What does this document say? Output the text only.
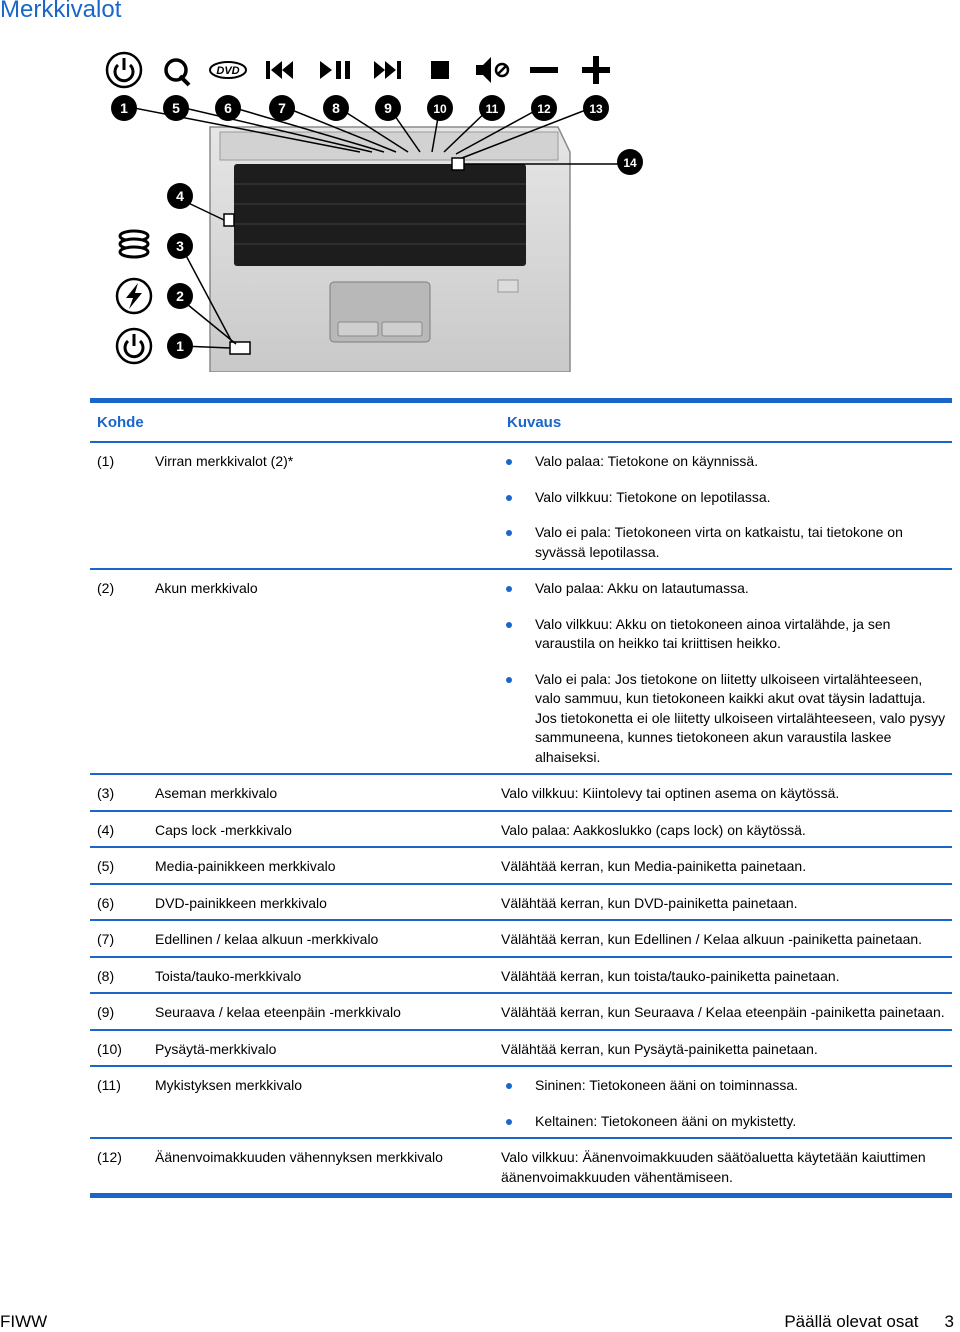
Merkkivalot
DVD
1	5	6	7	8	9	10	11	12	13
14
4
3
2
1
Kohde	Kuvaus
(1)	Virran merkkivalot (2)*	Valo palaa: Tietokone on käynnissä.
Valo vilkkuu: Tietokone on lepotilassa.
Valo ei pala: Tietokoneen virta on katkaistu, tai tietokone on syvässä lepotilassa.
(2)	Akun merkkivalo	Valo palaa: Akku on latautumassa.
Valo vilkkuu: Akku on tietokoneen ainoa virtalähde, ja sen varaustila on heikko tai kriittisen heikko.
Valo ei pala: Jos tietokone on liitetty ulkoiseen virtalähteeseen, valo sammuu, kun tietokoneen kaikki akut ovat täysin ladattuja. Jos tietokonetta ei ole liitetty ulkoiseen virtalähteeseen, valo pysyy sammuneena, kunnes tietokoneen akun varaustila laskee alhaiseksi.
(3)	Aseman merkkivalo	Valo vilkkuu: Kiintolevy tai optinen asema on käytössä.
(4)	Caps lock -merkkivalo	Valo palaa: Aakkoslukko (caps lock) on käytössä.
(5)	Media-painikkeen merkkivalo	Välähtää kerran, kun Media-painiketta painetaan.
(6)	DVD-painikkeen merkkivalo	Välähtää kerran, kun DVD-painiketta painetaan.
(7)	Edellinen / kelaa alkuun -merkkivalo	Välähtää kerran, kun Edellinen / Kelaa alkuun -painiketta painetaan.
(8)	Toista/tauko-merkkivalo	Välähtää kerran, kun toista/tauko-painiketta painetaan.
(9)	Seuraava / kelaa eteenpäin -merkkivalo	Välähtää kerran, kun Seuraava / Kelaa eteenpäin -painiketta painetaan.
(10)	Pysäytä-merkkivalo	Välähtää kerran, kun Pysäytä-painiketta painetaan.
(11)	Mykistyksen merkkivalo	Sininen: Tietokoneen ääni on toiminnassa.
Keltainen: Tietokoneen ääni on mykistetty.
(12)	Äänenvoimakkuuden vähennyksen merkkivalo	Valo vilkkuu: Äänenvoimakkuuden säätöaluetta käytetään kaiuttimen äänenvoimakkuuden vähentämiseen.
FIWW	Päällä olevat osat 3
